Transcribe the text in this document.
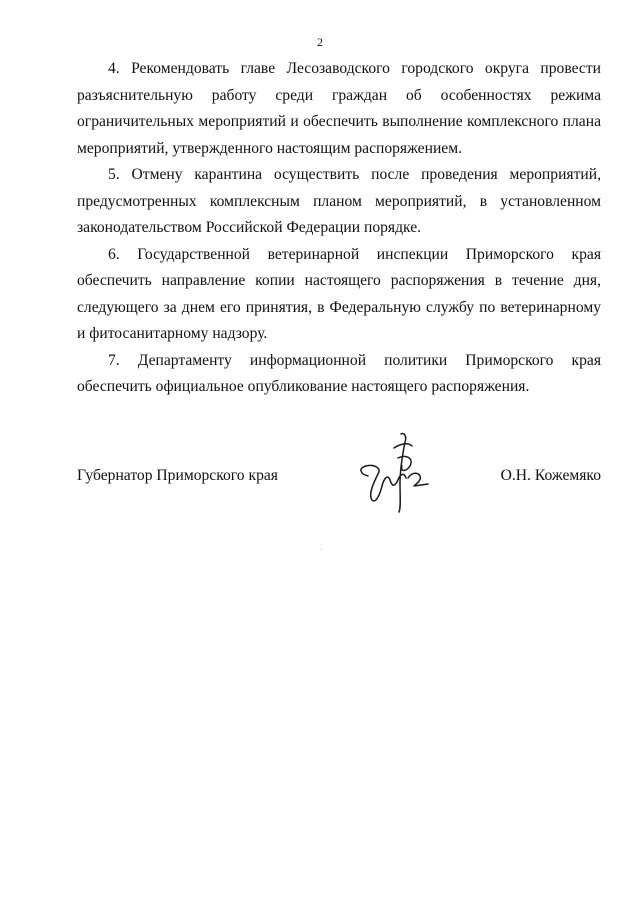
2

4. Рекомендовать главе Лесозаводского городского округа провести разъяснительную работу среди граждан об особенностях режима ограничительных мероприятий и обеспечить выполнение комплексного плана мероприятий, утвержденного настоящим распоряжением.

5. Отмену карантина осуществить после проведения мероприятий, предусмотренных комплексным планом мероприятий, в установленном законодательством Российской Федерации порядке.

6. Государственной ветеринарной инспекции Приморского края обеспечить направление копии настоящего распоряжения в течение дня, следующего за днем его принятия, в Федеральную службу по ветеринарному и фитосанитарному надзору.

7. Департаменту информационной политики Приморского края обеспечить официальное опубликование настоящего распоряжения.

Губернатор Приморского края	О.Н. Кожемяко
